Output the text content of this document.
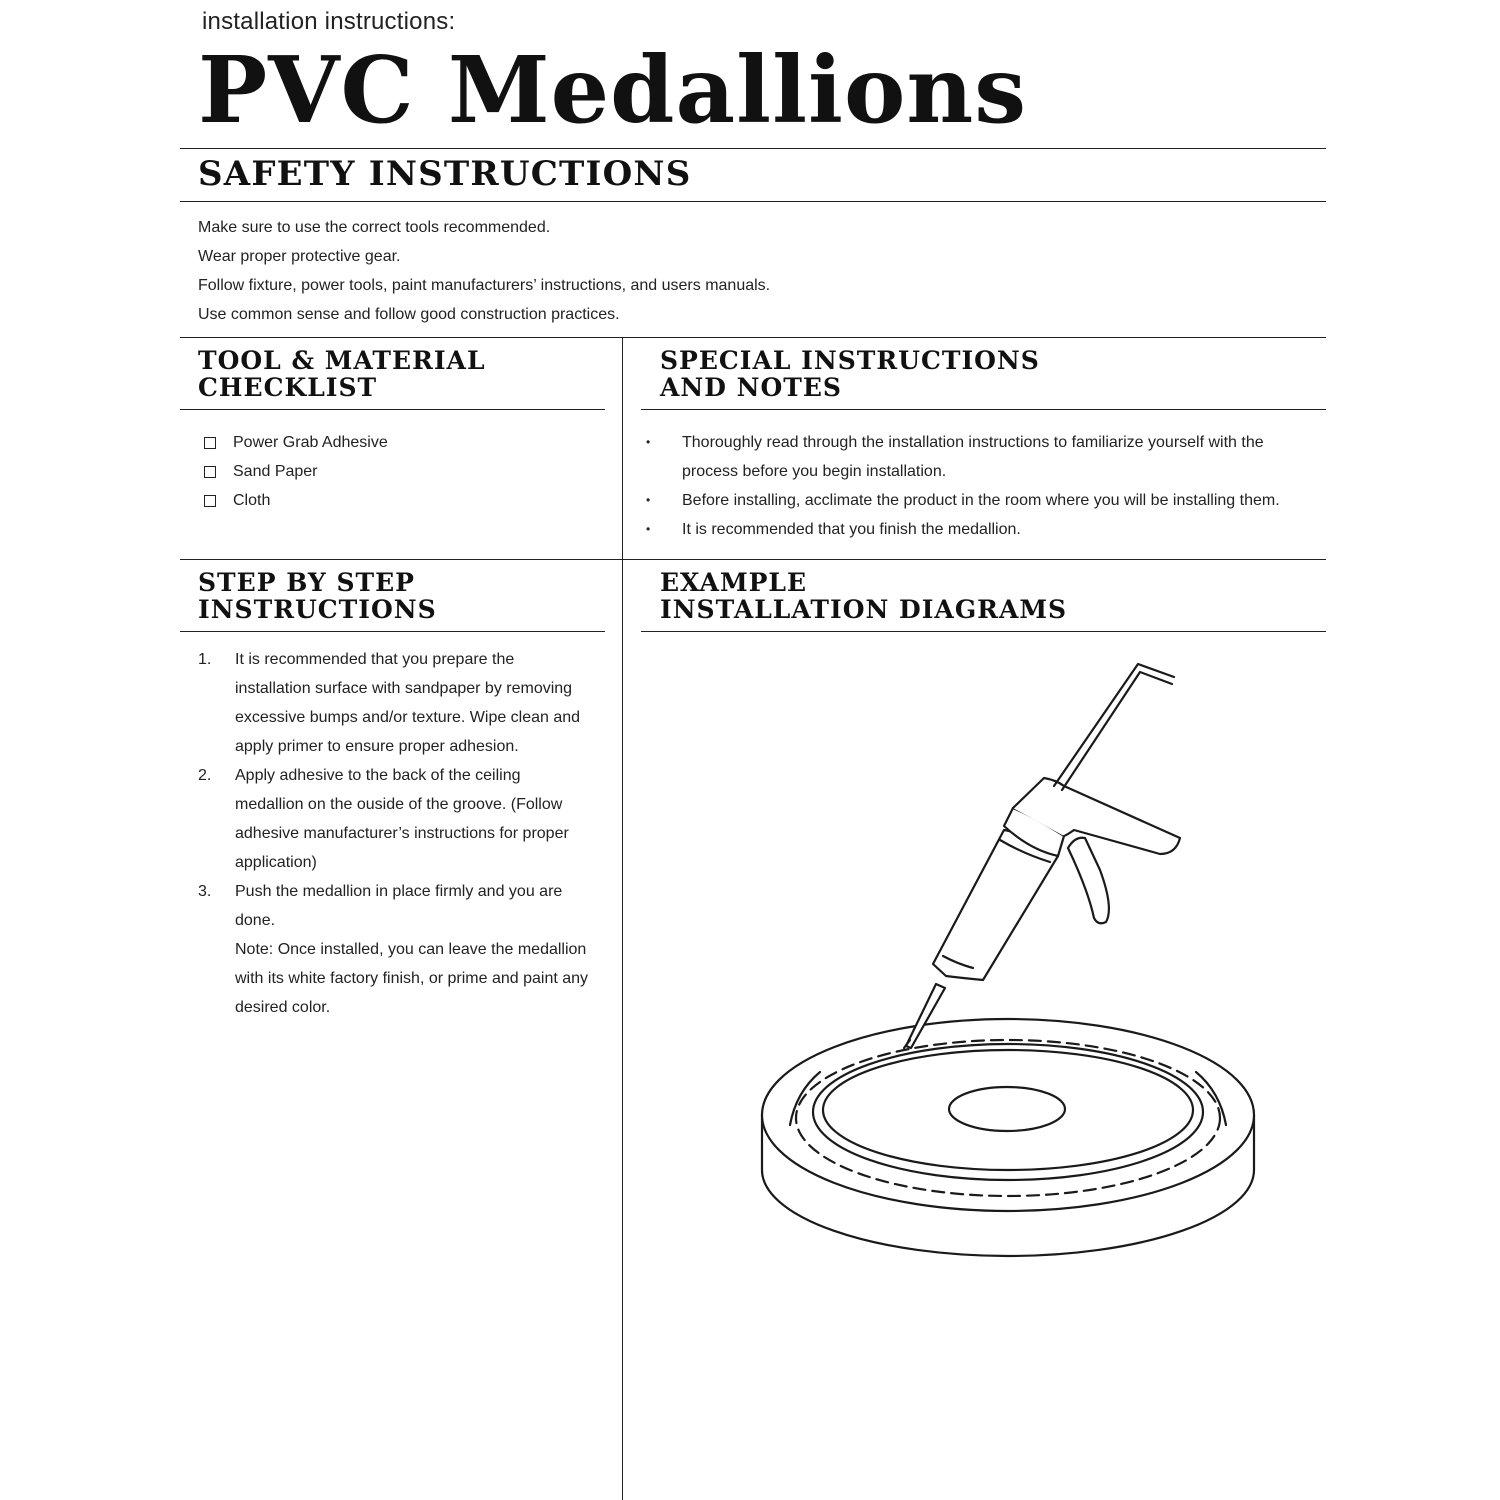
installation instructions:
PVC Medallions
SAFETY INSTRUCTIONS

Make sure to use the correct tools recommended.

Wear proper protective gear.

Follow fixture, power tools, paint manufacturers’ instructions, and users manuals.

Use common sense and follow good construction practices.

TOOL & MATERIAL
CHECKLIST
Power Grab Adhesive
Sand Paper
Cloth
SPECIAL INSTRUCTIONS
AND NOTES
• Thoroughly read through the installation instructions to familiarize yourself with the process before you begin installation.
• Before installing, acclimate the product in the room where you will be installing them.
• It is recommended that you finish the medallion.
STEP BY STEP
INSTRUCTIONS
1. It is recommended that you prepare the installation surface with sandpaper by removing excessive bumps and/or texture. Wipe clean and apply primer to ensure proper adhesion.
2. Apply adhesive to the back of the ceiling medallion on the ouside of the groove. (Follow adhesive manufacturer’s instructions for proper application)
3. Push the medallion in place firmly and you are done.
Note: Once installed, you can leave the medallion with its white factory finish, or prime and paint any desired color.
EXAMPLE
INSTALLATION DIAGRAMS
